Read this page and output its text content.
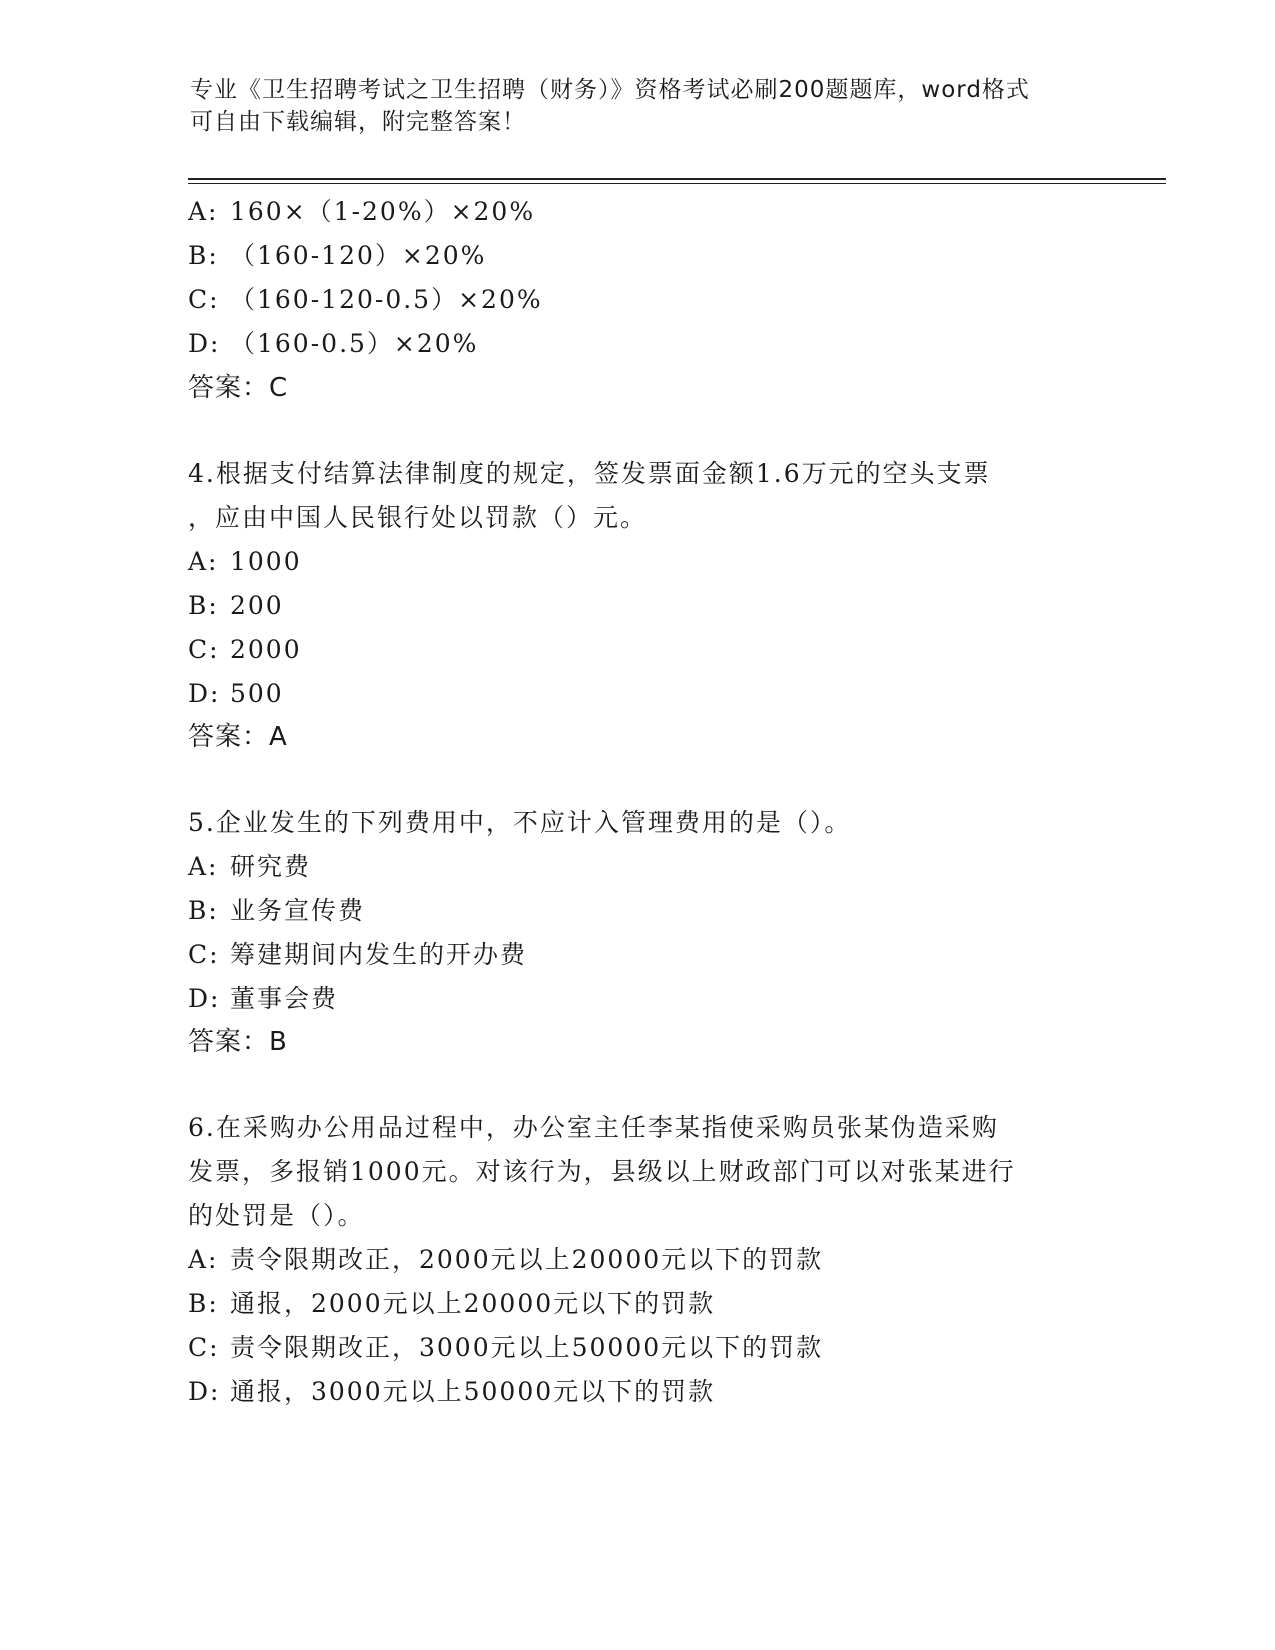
专业《卫生招聘考试之卫生招聘（财务）》资格考试必刷200题题库，word格式
可自由下载编辑，附完整答案！
A: 160×（1-20%）×20%
B: （160-120）×20%
C: （160-120-0.5）×20%
D: （160-0.5）×20%
答案：C
4.根据支付结算法律制度的规定，签发票面金额1.6万元的空头支票
，应由中国人民银行处以罚款（）元。
A: 1000
B: 200
C: 2000
D: 500
答案：A
5.企业发生的下列费用中，不应计入管理费用的是（）。
A: 研究费
B: 业务宣传费
C: 筹建期间内发生的开办费
D: 董事会费
答案：B
6.在采购办公用品过程中，办公室主任李某指使采购员张某伪造采购
发票，多报销1000元。对该行为，县级以上财政部门可以对张某进行
的处罚是（）。
A: 责令限期改正，2000元以上20000元以下的罚款
B: 通报，2000元以上20000元以下的罚款
C: 责令限期改正，3000元以上50000元以下的罚款
D: 通报，3000元以上50000元以下的罚款
